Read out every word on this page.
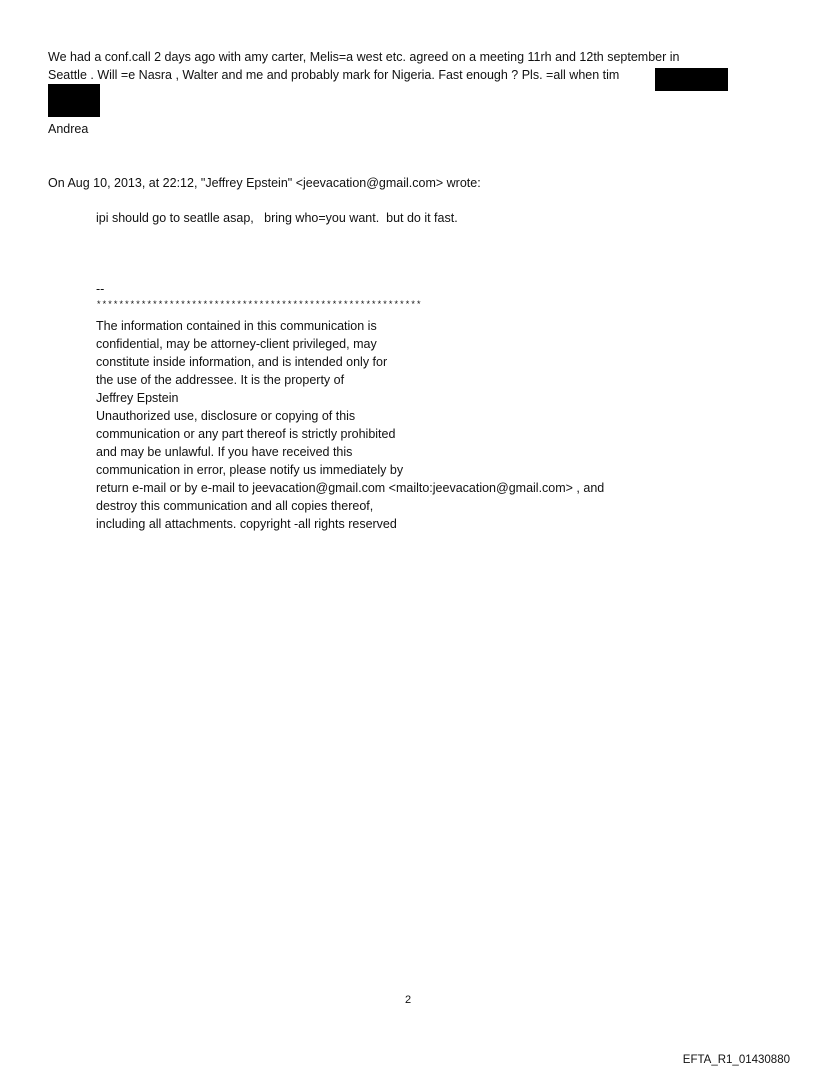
We had a conf.call 2 days ago with amy carter, Melis=a west etc. agreed on a meeting 11rh and 12th september in
Seattle . Will =e Nasra , Walter and me and probably mark for Nigeria. Fast enough ? Pls. =all when tim
Andrea
On Aug 10, 2013, at 22:12, "Jeffrey Epstein" <jeevacation@gmail.com> wrote:
ipi should go to seatlle asap,   bring who=you want.  but do it fast.
--
**********************************************************
The information contained in this communication is
confidential, may be attorney-client privileged, may
constitute inside information, and is intended only for
the use of the addressee. It is the property of
Jeffrey Epstein
Unauthorized use, disclosure or copying of this
communication or any part thereof is strictly prohibited
and may be unlawful. If you have received this
communication in error, please notify us immediately by
return e-mail or by e-mail to jeevacation@gmail.com <mailto:jeevacation@gmail.com> , and
destroy this communication and all copies thereof,
including all attachments. copyright -all rights reserved
2
EFTA_R1_01430880
